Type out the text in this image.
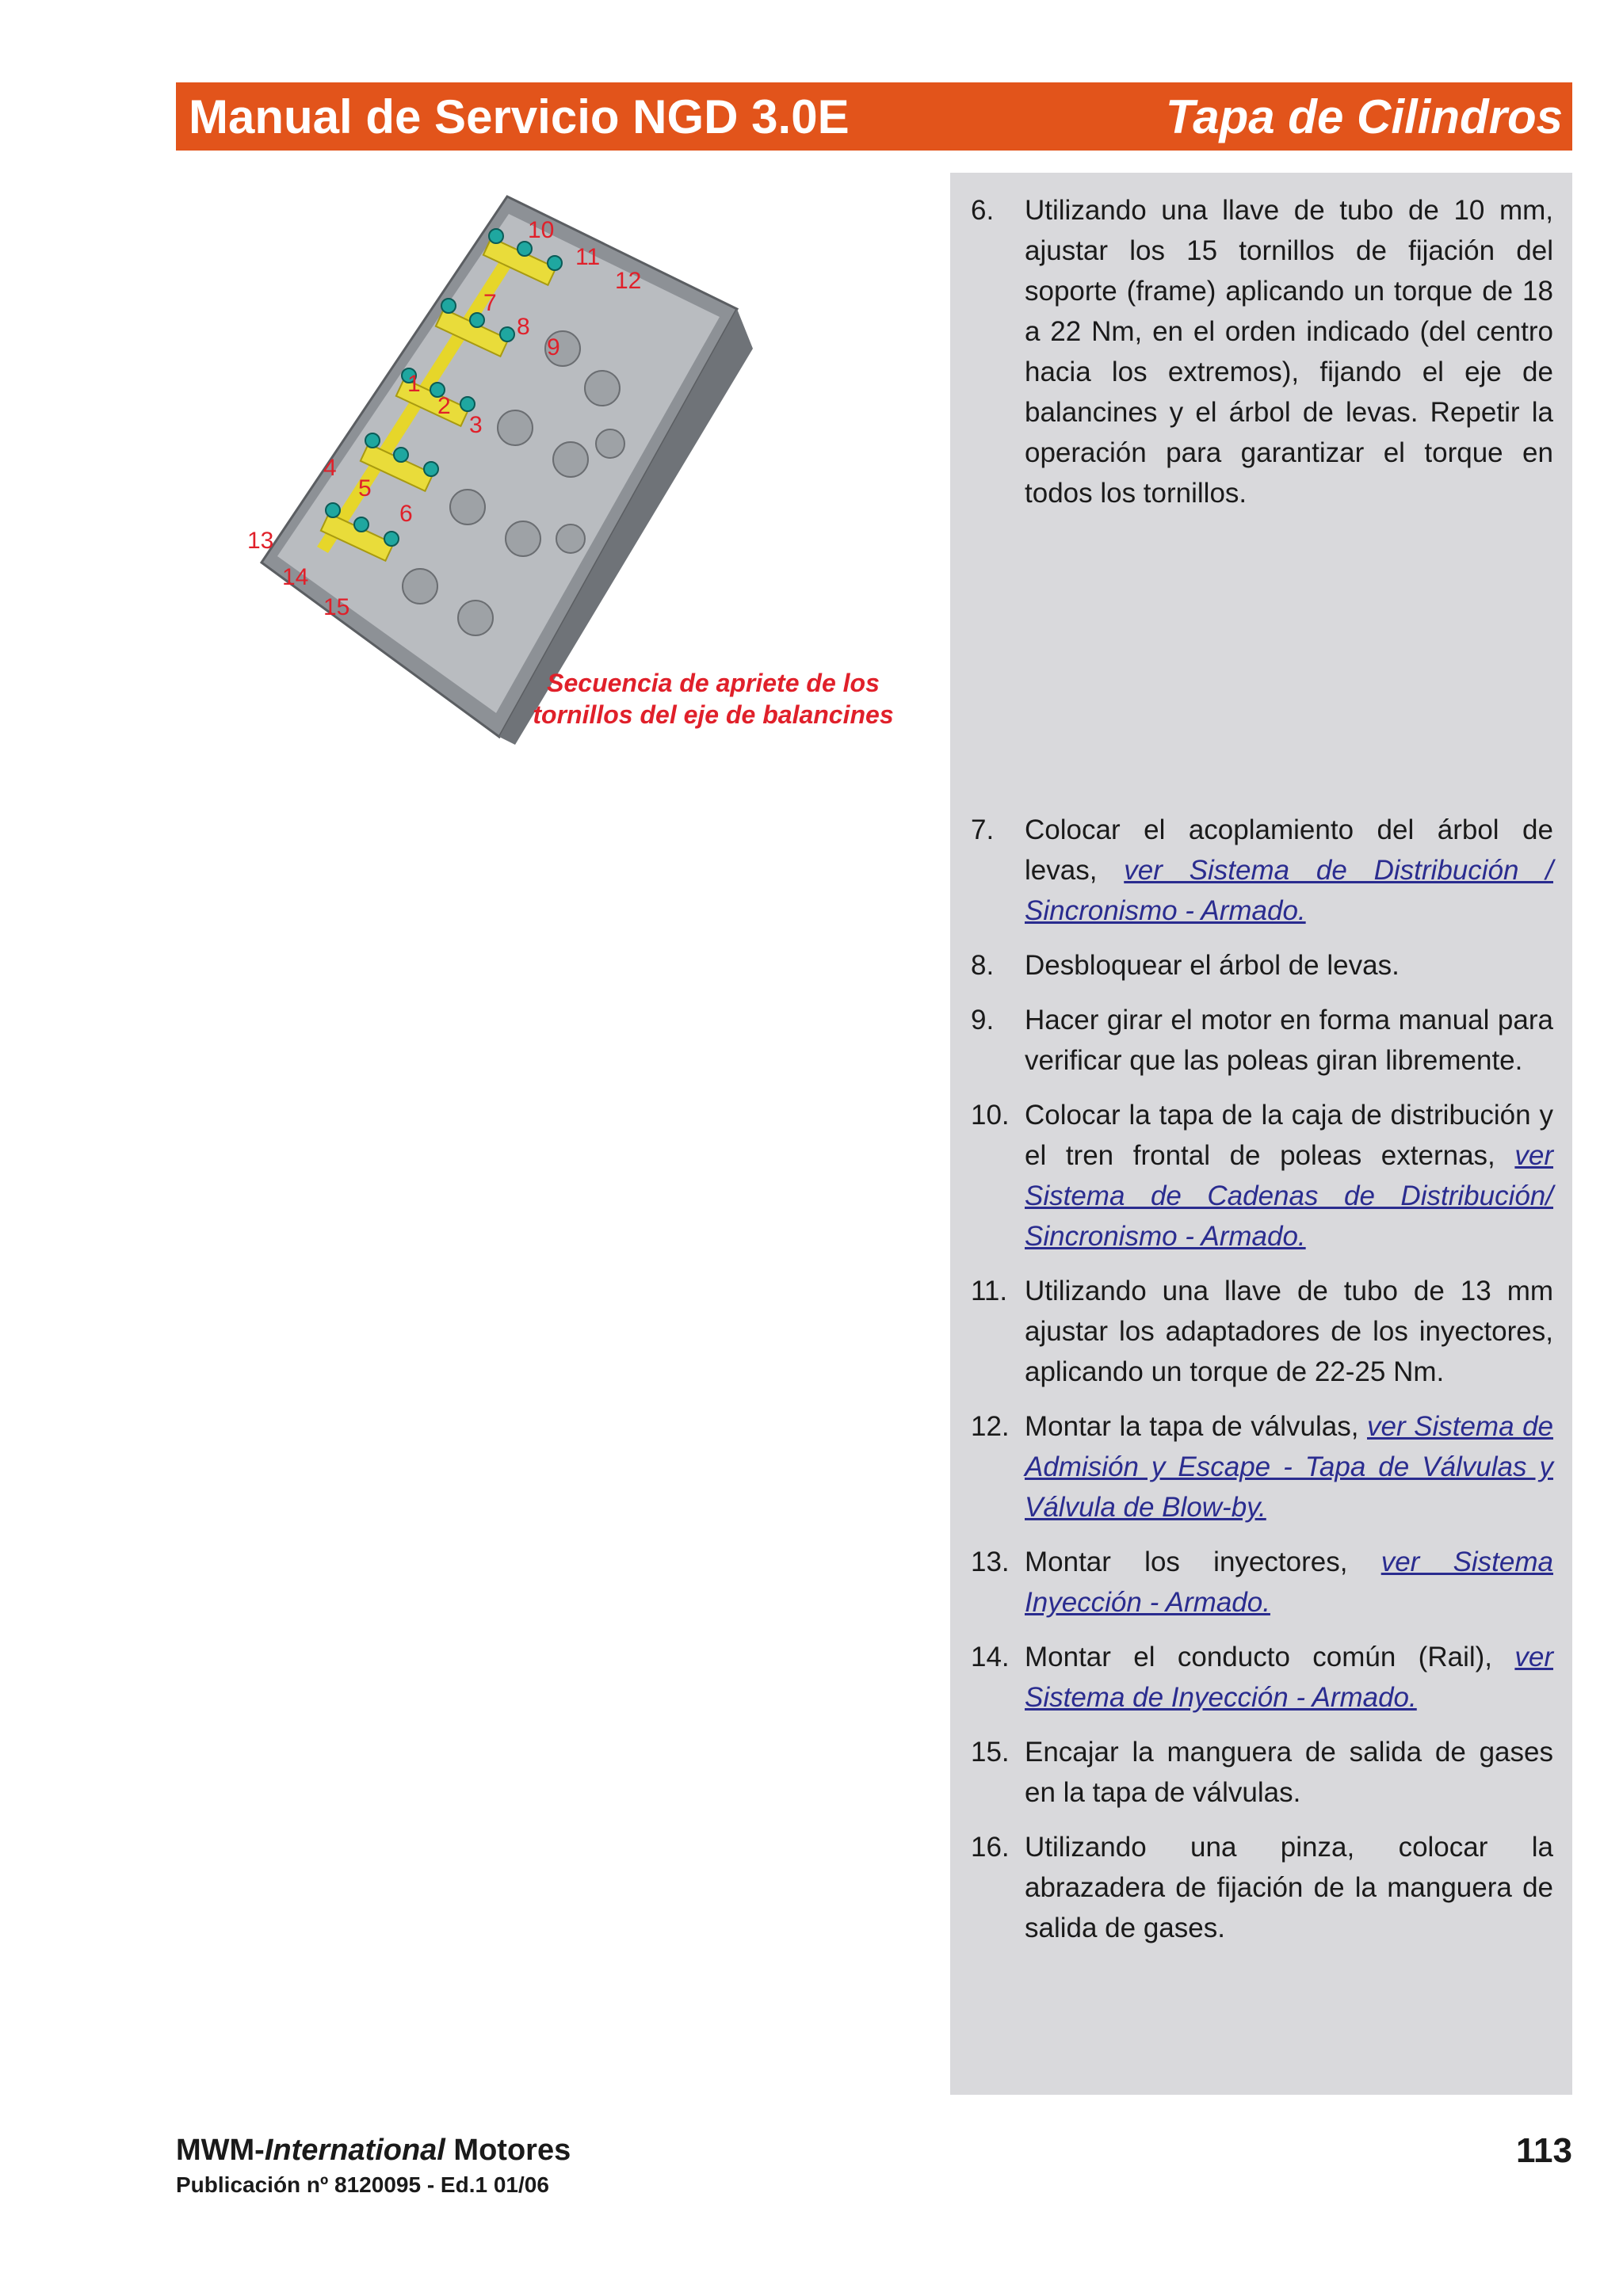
Manual de Servicio NGD 3.0E	Tapa de Cilindros
1
2
3
4
5
6
7
8
9
10
11
12
13
14
15
Secuencia de apriete de los
tornillos del eje de balancines
6. Utilizando una llave de tubo de 10 mm, ajustar los 15 tornillos de fijación del soporte (frame) aplicando un torque de 18 a 22 Nm, en el orden indicado (del centro hacia los extremos), fijando el eje de balancines y el árbol de levas. Repetir la operación para garantizar el torque en todos los tornillos.
7. Colocar el acoplamiento del árbol de levas, ver Sistema de Distribución / Sincronismo - Armado.
8. Desbloquear el árbol de levas.
9. Hacer girar el motor en forma manual para verificar que las poleas giran libremente.
10. Colocar la tapa de la caja de distribución y el tren frontal de poleas externas, ver Sistema de Cadenas de Distribución/ Sincronismo - Armado.
11. Utilizando una llave de tubo de 13 mm ajustar los adaptadores de los inyectores, aplicando un torque de 22-25 Nm.
12. Montar la tapa de válvulas, ver Sistema de Admisión y Escape - Tapa de Válvulas y Válvula de Blow-by.
13. Montar los inyectores, ver Sistema Inyección - Armado.
14. Montar el conducto común (Rail), ver Sistema de Inyección - Armado.
15. Encajar la manguera de salida de gases en la tapa de válvulas.
16. Utilizando una pinza, colocar la abrazadera de fijación de la manguera de salida de gases.
MWM-International Motores
Publicación nº 8120095 - Ed.1 01/06
113
